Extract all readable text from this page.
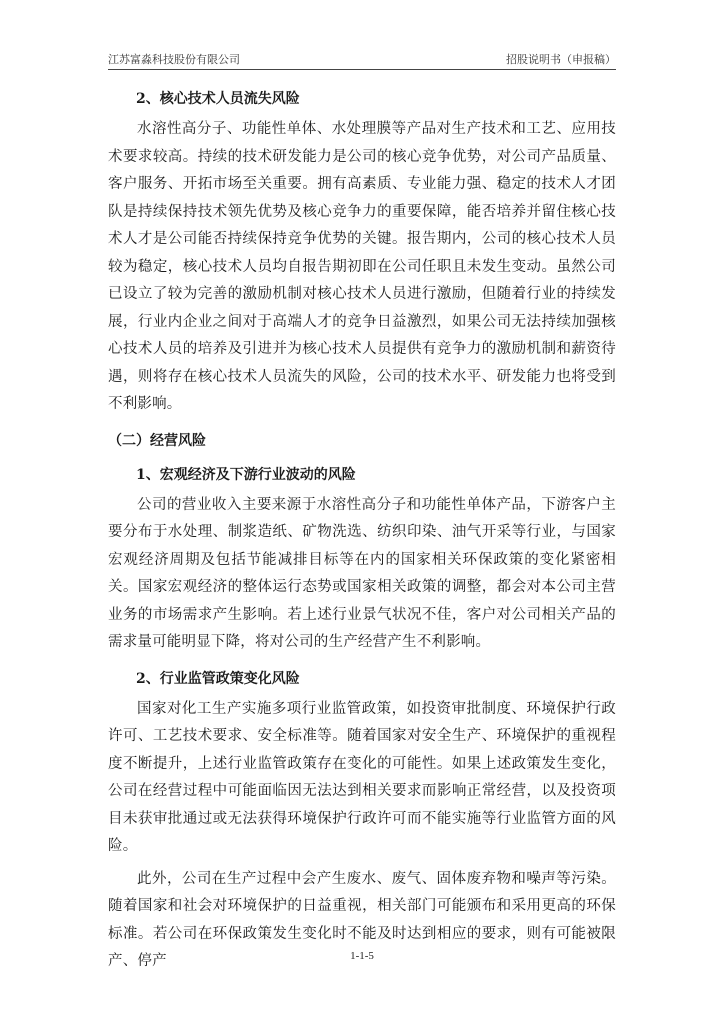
江苏富淼科技股份有限公司	招股说明书（申报稿）
2、核心技术人员流失风险

水溶性高分子、功能性单体、水处理膜等产品对生产技术和工艺、应用技术要求较高。持续的技术研发能力是公司的核心竞争优势，对公司产品质量、客户服务、开拓市场至关重要。拥有高素质、专业能力强、稳定的技术人才团队是持续保持技术领先优势及核心竞争力的重要保障，能否培养并留住核心技术人才是公司能否持续保持竞争优势的关键。报告期内，公司的核心技术人员较为稳定，核心技术人员均自报告期初即在公司任职且未发生变动。虽然公司已设立了较为完善的激励机制对核心技术人员进行激励，但随着行业的持续发展，行业内企业之间对于高端人才的竞争日益激烈，如果公司无法持续加强核心技术人员的培养及引进并为核心技术人员提供有竞争力的激励机制和薪资待遇，则将存在核心技术人员流失的风险，公司的技术水平、研发能力也将受到不利影响。

（二）经营风险
1、宏观经济及下游行业波动的风险

公司的营业收入主要来源于水溶性高分子和功能性单体产品，下游客户主要分布于水处理、制浆造纸、矿物洗选、纺织印染、油气开采等行业，与国家宏观经济周期及包括节能减排目标等在内的国家相关环保政策的变化紧密相关。国家宏观经济的整体运行态势或国家相关政策的调整，都会对本公司主营业务的市场需求产生影响。若上述行业景气状况不佳，客户对公司相关产品的需求量可能明显下降，将对公司的生产经营产生不利影响。

2、行业监管政策变化风险

国家对化工生产实施多项行业监管政策，如投资审批制度、环境保护行政许可、工艺技术要求、安全标准等。随着国家对安全生产、环境保护的重视程度不断提升，上述行业监管政策存在变化的可能性。如果上述政策发生变化，公司在经营过程中可能面临因无法达到相关要求而影响正常经营，以及投资项目未获审批通过或无法获得环境保护行政许可而不能实施等行业监管方面的风险。

此外，公司在生产过程中会产生废水、废气、固体废弃物和噪声等污染。随着国家和社会对环境保护的日益重视，相关部门可能颁布和采用更高的环保标准。若公司在环保政策发生变化时不能及时达到相应的要求，则有可能被限产、停产	1-1-5
